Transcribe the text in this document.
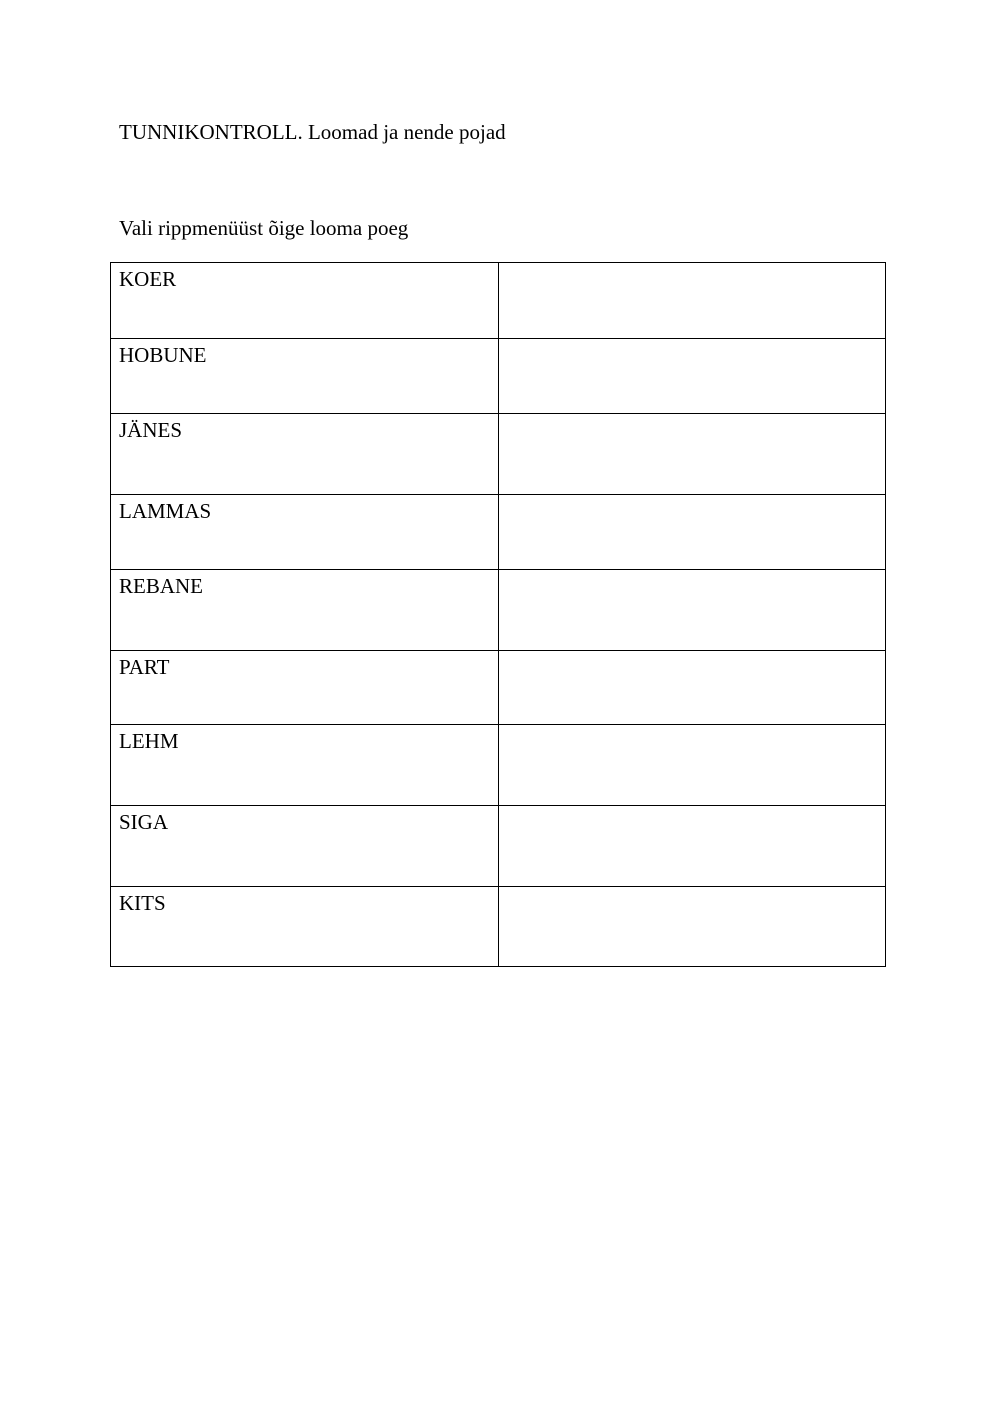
TUNNIKONTROLL. Loomad ja nende pojad
Vali rippmenüüst õige looma poeg
KOER	

HOBUNE	

JÄNES	

LAMMAS	

REBANE	

PART	

LEHM	

SIGA	

KITS	
